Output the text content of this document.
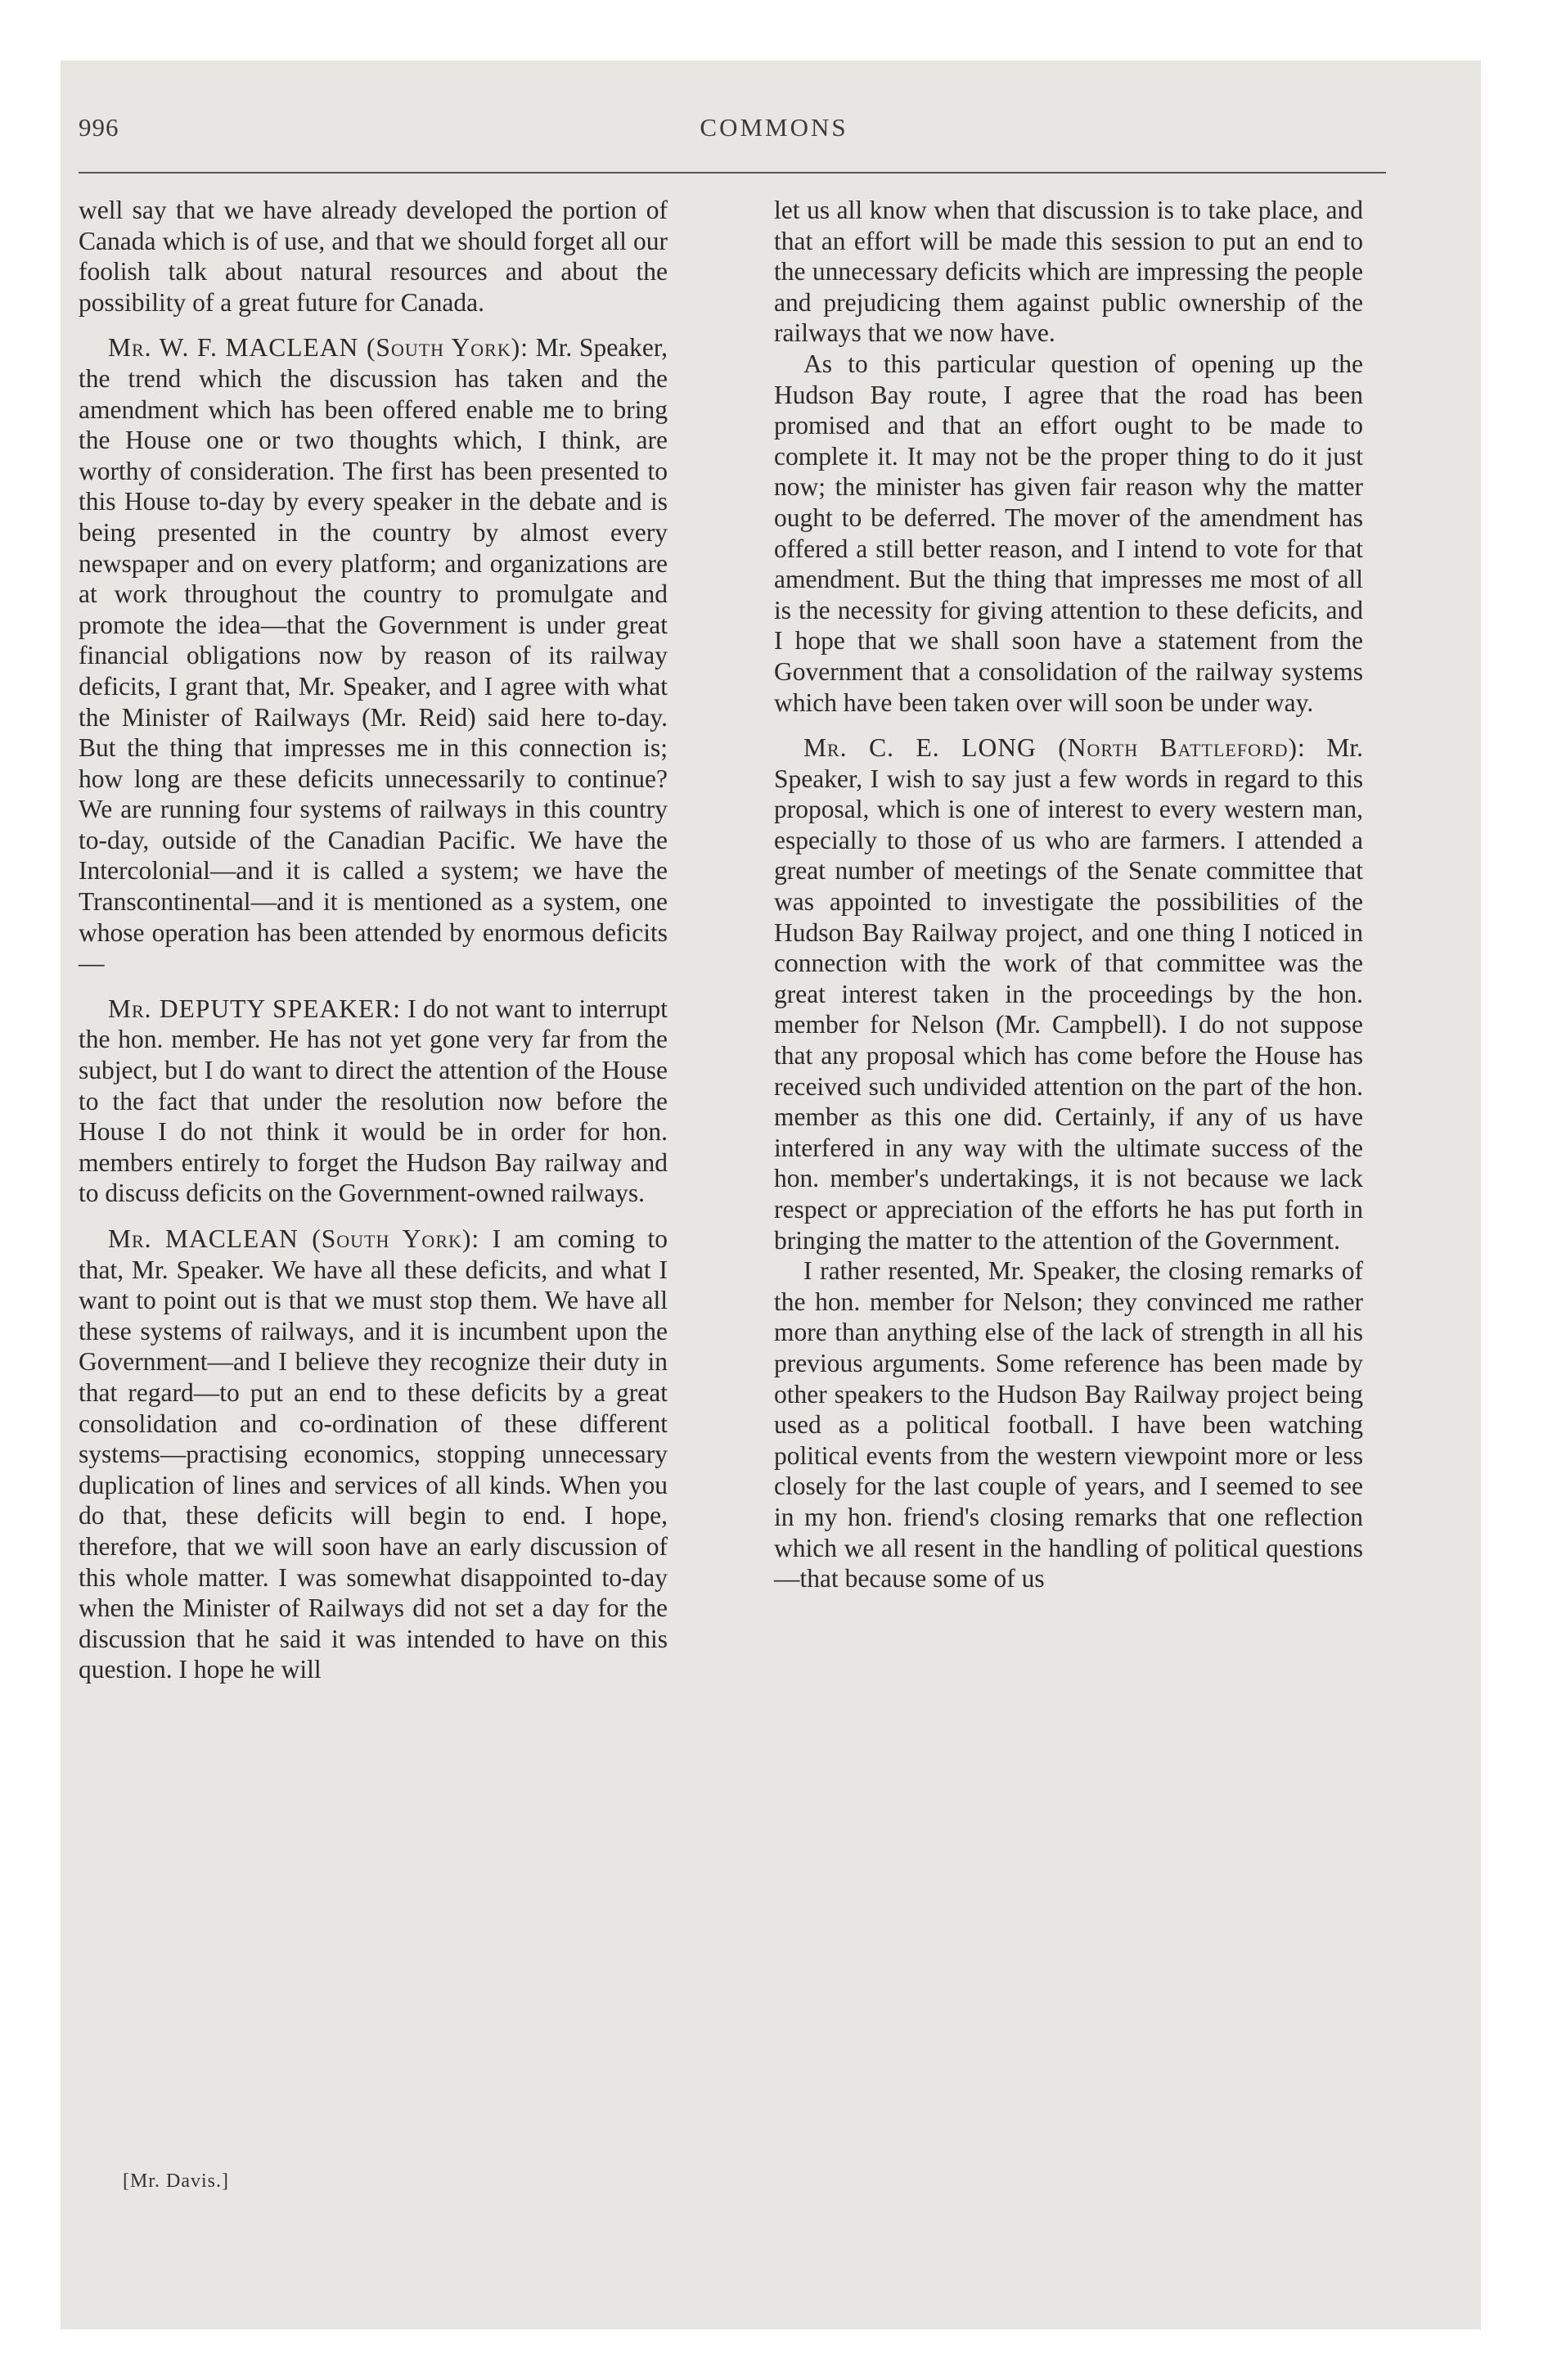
996	COMMONS

well say that we have already developed the portion of Canada which is of use, and that we should forget all our foolish talk about natural resources and about the possibility of a great future for Canada.

Mr. W. F. MACLEAN (South York): Mr. Speaker, the trend which the discussion has taken and the amendment which has been offered enable me to bring the House one or two thoughts which, I think, are worthy of consideration. The first has been presented to this House to-day by every speaker in the debate and is being presented in the country by almost every newspaper and on every platform; and organizations are at work throughout the country to promulgate and promote the idea—that the Government is under great financial obligations now by reason of its railway deficits, I grant that, Mr. Speaker, and I agree with what the Minister of Railways (Mr. Reid) said here to-day. But the thing that impresses me in this connection is; how long are these deficits unnecessarily to continue? We are running four systems of railways in this country to-day, outside of the Canadian Pacific. We have the Intercolonial—and it is called a system; we have the Transcontinental—and it is mentioned as a system, one whose operation has been attended by enormous deficits—

Mr. DEPUTY SPEAKER: I do not want to interrupt the hon. member. He has not yet gone very far from the subject, but I do want to direct the attention of the House to the fact that under the resolution now before the House I do not think it would be in order for hon. members entirely to forget the Hudson Bay railway and to discuss deficits on the Government-owned railways.

Mr. MACLEAN (South York): I am coming to that, Mr. Speaker. We have all these deficits, and what I want to point out is that we must stop them. We have all these systems of railways, and it is incumbent upon the Government—and I believe they recognize their duty in that regard—to put an end to these deficits by a great consolidation and co-ordination of these different systems—practising economics, stopping unnecessary duplication of lines and services of all kinds. When you do that, these deficits will begin to end. I hope, therefore, that we will soon have an early discussion of this whole matter. I was somewhat disappointed to-day when the Minister of Railways did not set a day for the discussion that he said it was intended to have on this question. I hope he will

let us all know when that discussion is to take place, and that an effort will be made this session to put an end to the unnecessary deficits which are impressing the people and prejudicing them against public ownership of the railways that we now have.

As to this particular question of opening up the Hudson Bay route, I agree that the road has been promised and that an effort ought to be made to complete it. It may not be the proper thing to do it just now; the minister has given fair reason why the matter ought to be deferred. The mover of the amendment has offered a still better reason, and I intend to vote for that amendment. But the thing that impresses me most of all is the necessity for giving attention to these deficits, and I hope that we shall soon have a statement from the Government that a consolidation of the railway systems which have been taken over will soon be under way.

Mr. C. E. LONG (North Battleford): Mr. Speaker, I wish to say just a few words in regard to this proposal, which is one of interest to every western man, especially to those of us who are farmers. I attended a great number of meetings of the Senate committee that was appointed to investigate the possibilities of the Hudson Bay Railway project, and one thing I noticed in connection with the work of that committee was the great interest taken in the proceedings by the hon. member for Nelson (Mr. Campbell). I do not suppose that any proposal which has come before the House has received such undivided attention on the part of the hon. member as this one did. Certainly, if any of us have interfered in any way with the ultimate success of the hon. member's undertakings, it is not because we lack respect or appreciation of the efforts he has put forth in bringing the matter to the attention of the Government.

I rather resented, Mr. Speaker, the closing remarks of the hon. member for Nelson; they convinced me rather more than anything else of the lack of strength in all his previous arguments. Some reference has been made by other speakers to the Hudson Bay Railway project being used as a political football. I have been watching political events from the western viewpoint more or less closely for the last couple of years, and I seemed to see in my hon. friend's closing remarks that one reflection which we all resent in the handling of political questions—that because some of us

[Mr. Davis.]
